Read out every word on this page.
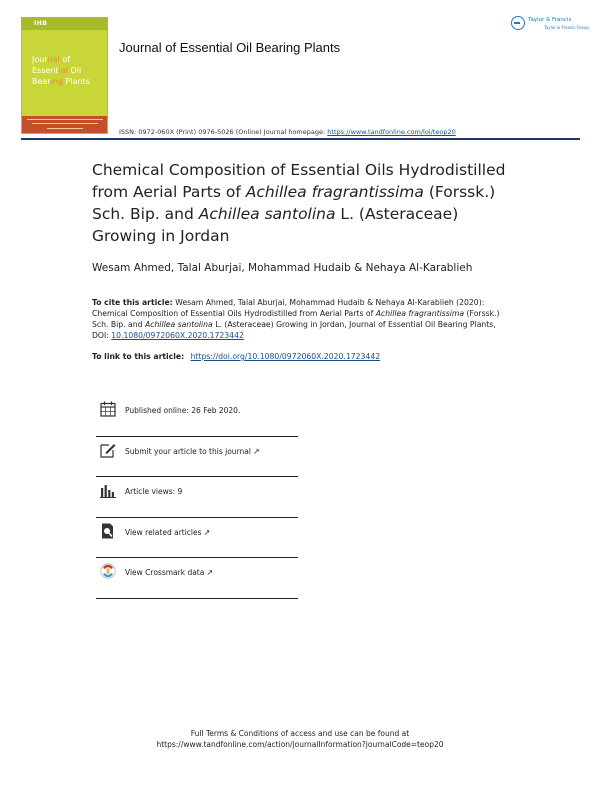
IHB
Journal of
Essential Oil
Bearing Plants
Journal of Essential Oil Bearing Plants
Taylor & Francis
Taylor & Francis Group
ISSN: 0972-060X (Print) 0976-5026 (Online) Journal homepage: https://www.tandfonline.com/loi/teop20
Chemical Composition of Essential Oils Hydrodistilled from Aerial Parts of Achillea fragrantissima (Forssk.) Sch. Bip. and Achillea santolina L. (Asteraceae) Growing in Jordan
Wesam Ahmed, Talal Aburjai, Mohammad Hudaib & Nehaya Al-Karablieh
To cite this article: Wesam Ahmed, Talal Aburjai, Mohammad Hudaib & Nehaya Al-Karablieh (2020): Chemical Composition of Essential Oils Hydrodistilled from Aerial Parts of Achillea fragrantissima (Forssk.) Sch. Bip. and Achillea santolina L. (Asteraceae) Growing in Jordan, Journal of Essential Oil Bearing Plants, DOI: 10.1080/0972060X.2020.1723442
To link to this article: https://doi.org/10.1080/0972060X.2020.1723442
Published online: 26 Feb 2020.
Submit your article to this journal ↗
Article views: 9
View related articles ↗
View Crossmark data ↗
Full Terms & Conditions of access and use can be found at
https://www.tandfonline.com/action/journalInformation?journalCode=teop20
